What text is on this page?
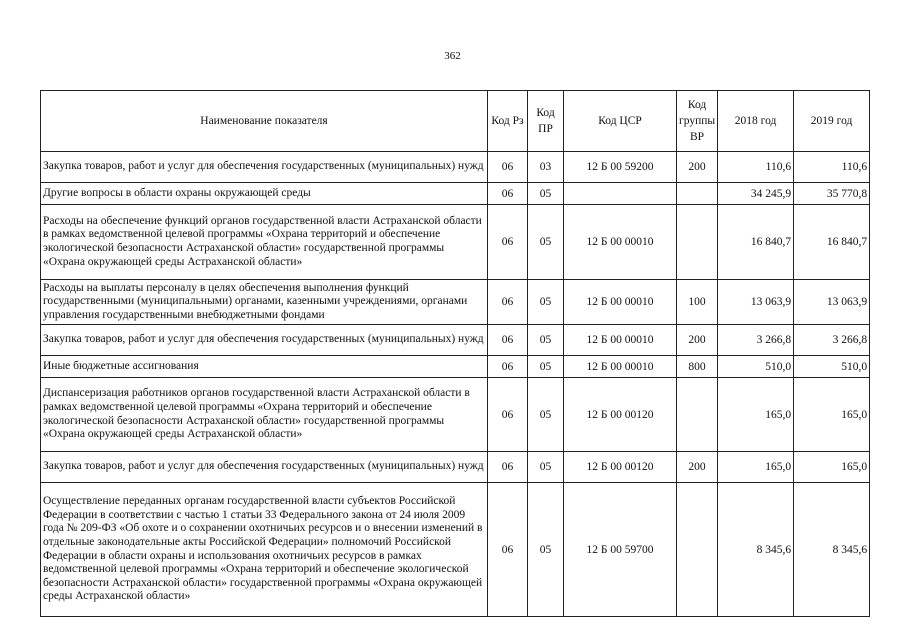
362
Наименование показателя	Код Рз	Код ПР	Код ЦСР	Код группы ВР	2018 год	2019 год
Закупка товаров, работ и услуг для обеспечения государственных (муниципальных) нужд	06	03	12 Б 00 59200	200	110,6	110,6
Другие вопросы в области охраны окружающей среды	06	05			34 245,9	35 770,8
Расходы на обеспечение функций органов государственной власти Астраханской области в рамках ведомственной целевой программы «Охрана территорий и обеспечение экологической безопасности Астраханской области» государственной программы «Охрана окружающей среды Астраханской области»	06	05	12 Б 00 00010		16 840,7	16 840,7
Расходы на выплаты персоналу в целях обеспечения выполнения функций государственными (муниципальными) органами, казенными учреждениями, органами управления государственными внебюджетными фондами	06	05	12 Б 00 00010	100	13 063,9	13 063,9
Закупка товаров, работ и услуг для обеспечения государственных (муниципальных) нужд	06	05	12 Б 00 00010	200	3 266,8	3 266,8
Иные бюджетные ассигнования	06	05	12 Б 00 00010	800	510,0	510,0
Диспансеризация работников органов государственной власти Астраханской области в рамках ведомственной целевой программы «Охрана территорий и обеспечение экологической безопасности Астраханской области» государственной программы «Охрана окружающей среды Астраханской области»	06	05	12 Б 00 00120		165,0	165,0
Закупка товаров, работ и услуг для обеспечения государственных (муниципальных) нужд	06	05	12 Б 00 00120	200	165,0	165,0
Осуществление переданных органам государственной власти субъектов Российской Федерации в соответствии с частью 1 статьи 33 Федерального закона от 24 июля 2009 года № 209-ФЗ «Об охоте и о сохранении охотничьих ресурсов и о внесении изменений в отдельные законодательные акты Российской Федерации» полномочий Российской Федерации в области охраны и использования охотничьих ресурсов в рамках ведомственной целевой программы «Охрана территорий и обеспечение экологической безопасности Астраханской области» государственной программы «Охрана окружающей среды Астраханской области»	06	05	12 Б 00 59700		8 345,6	8 345,6
